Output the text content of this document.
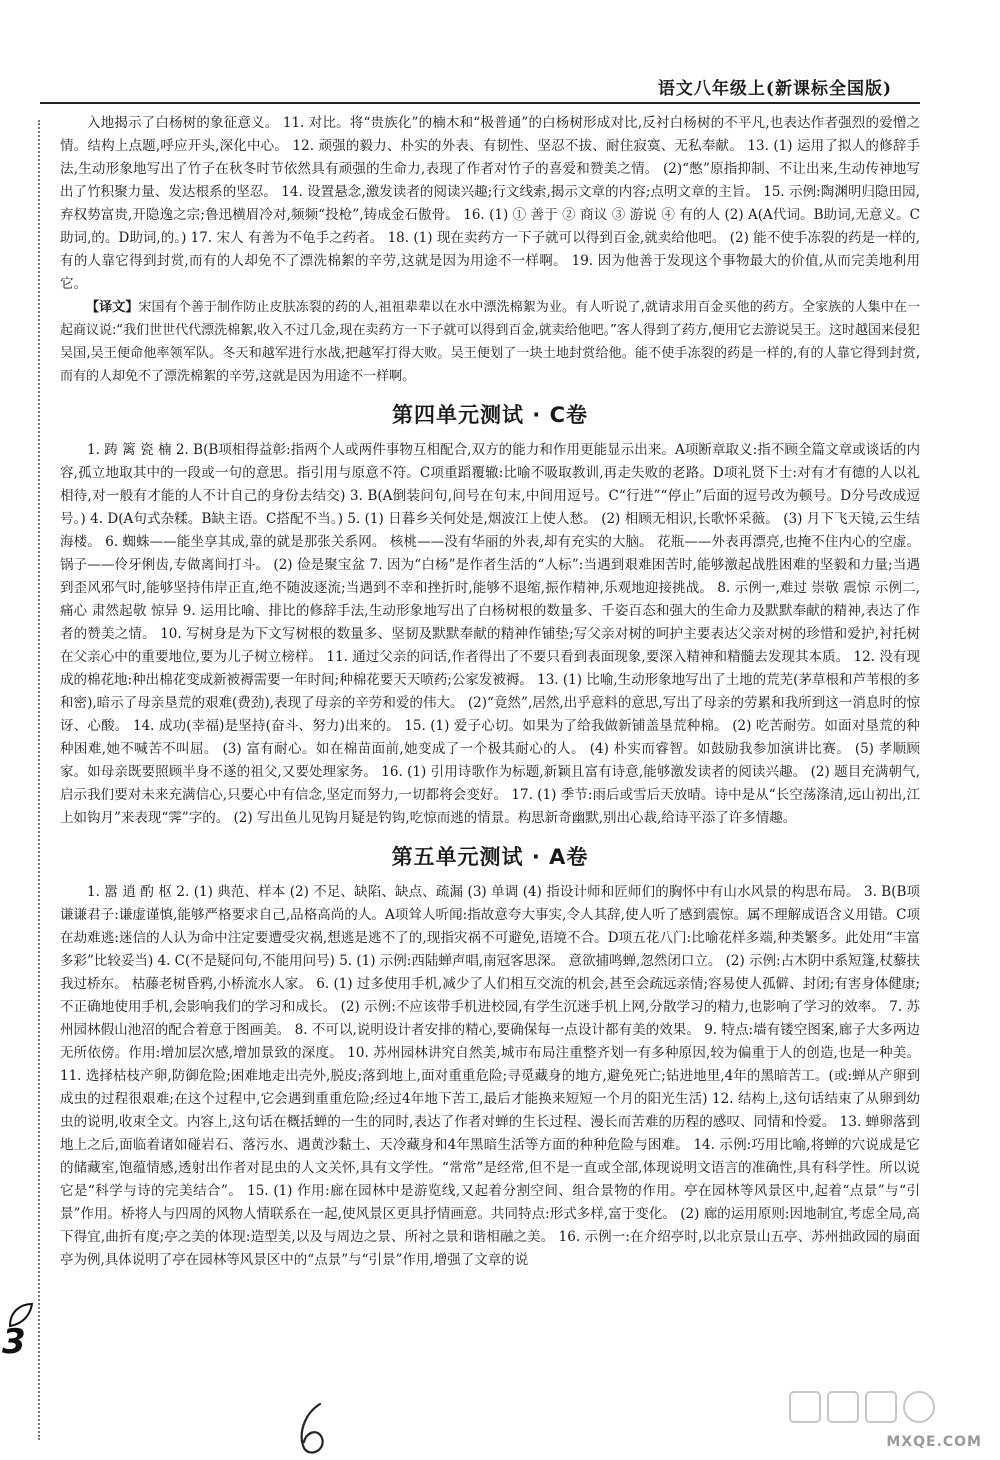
语文八年级上(新课标全国版)

入地揭示了白杨树的象征意义。 11. 对比。将“贵族化”的楠木和“极普通”的白杨树形成对比,反衬白杨树的不平凡,也表达作者强烈的爱憎之情。结构上点题,呼应开头,深化中心。 12. 顽强的毅力、朴实的外表、有韧性、坚忍不拔、耐住寂寞、无私奉献。 13. (1) 运用了拟人的修辞手法,生动形象地写出了竹子在秋冬时节依然具有顽强的生命力,表现了作者对竹子的喜爱和赞美之情。 (2)“憋”原指抑制、不让出来,生动传神地写出了竹积聚力量、发达根系的坚忍。 14. 设置悬念,激发读者的阅读兴趣;行文线索,揭示文章的内容;点明文章的主旨。 15. 示例:陶渊明归隐田园,弃权势富贵,开隐逸之宗;鲁迅横眉冷对,频频“投枪”,铸成金石傲骨。 16. (1) ① 善于 ② 商议 ③ 游说 ④ 有的人 (2) A(A代词。B助词,无意义。C助词,的。D助词,的。) 17. 宋人 有善为不龟手之药者。 18. (1) 现在卖药方一下子就可以得到百金,就卖给他吧。 (2) 能不使手冻裂的药是一样的,有的人靠它得到封赏,而有的人却免不了漂洗棉絮的辛劳,这就是因为用途不一样啊。 19. 因为他善于发现这个事物最大的价值,从而完美地利用它。

【译文】宋国有个善于制作防止皮肤冻裂的药的人,祖祖辈辈以在水中漂洗棉絮为业。有人听说了,就请求用百金买他的药方。全家族的人集中在一起商议说:“我们世世代代漂洗棉絮,收入不过几金,现在卖药方一下子就可以得到百金,就卖给他吧。”客人得到了药方,便用它去游说吴王。这时越国来侵犯吴国,吴王便命他率领军队。冬天和越军进行水战,把越军打得大败。吴王便划了一块土地封赏给他。能不使手冻裂的药是一样的,有的人靠它得到封赏,而有的人却免不了漂洗棉絮的辛劳,这就是因为用途不一样啊。

第四单元测试 · C卷

1. 踌 篱 瓷 楠 2. B(B项相得益彰:指两个人或两件事物互相配合,双方的能力和作用更能显示出来。A项断章取义:指不顾全篇文章或谈话的内容,孤立地取其中的一段或一句的意思。指引用与原意不符。C项重蹈覆辙:比喻不吸取教训,再走失败的老路。D项礼贤下士:对有才有德的人以礼相待,对一般有才能的人不计自己的身份去结交) 3. B(A倒装问句,问号在句末,中间用逗号。C“行进”“停止”后面的逗号改为顿号。D分号改成逗号。) 4. D(A句式杂糅。B缺主语。C搭配不当。) 5. (1) 日暮乡关何处是,烟波江上使人愁。 (2) 相顾无相识,长歌怀采薇。 (3) 月下飞天镜,云生结海楼。 6. 蜘蛛——能坐享其成,靠的就是那张关系网。 核桃——没有华丽的外表,却有充实的大脑。 花瓶——外表再漂亮,也掩不住内心的空虚。 锅子——伶牙俐齿,专做离间打斗。 (2) 俭是聚宝盆 7. 因为“白杨”是作者生活的“人标”:当遇到艰难困苦时,能够激起战胜困难的坚毅和力量;当遇到歪风邪气时,能够坚持伟岸正直,绝不随波逐流;当遇到不幸和挫折时,能够不退缩,振作精神,乐观地迎接挑战。 8. 示例一,难过 崇敬 震惊 示例二,痛心 肃然起敬 惊异 9. 运用比喻、排比的修辞手法,生动形象地写出了白杨树根的数量多、千姿百态和强大的生命力及默默奉献的精神,表达了作者的赞美之情。 10. 写树身是为下文写树根的数量多、坚韧及默默奉献的精神作铺垫;写父亲对树的呵护主要表达父亲对树的珍惜和爱护,衬托树在父亲心中的重要地位,要为儿子树立榜样。 11. 通过父亲的问话,作者得出了不要只看到表面现象,要深入精神和精髓去发现其本质。 12. 没有现成的棉花地:种出棉花变成新被褥需要一年时间;种棉花要天天喷药;公家发被褥。 13. (1) 比喻,生动形象地写出了土地的荒芜(茅草根和芦苇根的多和密),暗示了母亲垦荒的艰难(费劲),表现了母亲的辛劳和爱的伟大。 (2)“竟然”,居然,出乎意料的意思,写出了母亲的劳累和我所到这一消息时的惊讶、心酸。 14. 成功(幸福)是坚持(奋斗、努力)出来的。 15. (1) 爱子心切。如果为了给我做新铺盖垦荒种棉。 (2) 吃苦耐劳。如面对垦荒的种种困难,她不喊苦不叫屈。 (3) 富有耐心。如在棉苗面前,她变成了一个极其耐心的人。 (4) 朴实而睿智。如鼓励我参加演讲比赛。 (5) 孝顺顾家。如母亲既要照顾半身不遂的祖父,又要处理家务。 16. (1) 引用诗歌作为标题,新颖且富有诗意,能够激发读者的阅读兴趣。 (2) 题目充满朝气,启示我们要对未来充满信心,只要心中有信念,坚定而努力,一切都将会变好。 17. (1) 季节:雨后或雪后天放晴。诗中是从“长空荡涤清,远山初出,江上如钩月”来表现“霁”字的。 (2) 写出鱼儿见钩月疑是钓钩,吃惊而逃的情景。构思新奇幽默,别出心裁,给诗平添了许多情趣。

第五单元测试 · A卷

1. 嚣 逍 酌 枢 2. (1) 典范、样本 (2) 不足、缺陷、缺点、疏漏 (3) 单调 (4) 指设计师和匠师们的胸怀中有山水风景的构思布局。 3. B(B项谦谦君子:谦虚谨慎,能够严格要求自己,品格高尚的人。A项耸人听闻:指故意夸大事实,令人其辞,使人听了感到震惊。属不理解成语含义用错。C项在劫难逃:迷信的人认为命中注定要遭受灾祸,想逃是逃不了的,现指灾祸不可避免,语境不合。D项五花八门:比喻花样多端,种类繁多。此处用“丰富多彩”比较妥当) 4. C(不是疑问句,不能用问号) 5. (1) 示例:西陆蝉声唱,南冠客思深。 意欲捕鸣蝉,忽然闭口立。 (2) 示例:占木阴中系短篷,杖藜扶我过桥东。 枯藤老树昏鸦,小桥流水人家。 6. (1) 过多使用手机,减少了人们相互交流的机会,甚至会疏远亲情;容易使人孤僻、封闭;有害身体健康;不正确地使用手机,会影响我们的学习和成长。 (2) 示例:不应该带手机进校园,有学生沉迷手机上网,分散学习的精力,也影响了学习的效率。 7. 苏州园林假山池沼的配合着意于图画美。 8. 不可以,说明设计者安排的精心,要确保每一点设计都有美的效果。 9. 特点:墙有镂空图案,廊子大多两边无所依傍。作用:增加层次感,增加景致的深度。 10. 苏州园林讲究自然美,城市布局注重整齐划一有多种原因,较为偏重于人的创造,也是一种美。 11. 选择枯枝产卵,防御危险;困难地走出壳外,脱皮;落到地上,面对重重危险;寻觅藏身的地方,避免死亡;钻进地里,4年的黑暗苦工。(或:蝉从产卵到成虫的过程很艰难;在这个过程中,它会遇到重重危险;经过4年地下苦工,最后才能换来短短一个月的阳光生活) 12. 结构上,这句话结束了从卵到幼虫的说明,收束全文。内容上,这句话在概括蝉的一生的同时,表达了作者对蝉的生长过程、漫长而苦难的历程的感叹、同情和怜爱。 13. 蝉卵落到地上之后,面临着诸如碰岩石、落污水、遇黄沙黏土、天冷藏身和4年黑暗生活等方面的种种危险与困难。 14. 示例:巧用比喻,将蝉的穴说成是它的储藏室,饱蕴情感,透射出作者对昆虫的人文关怀,具有文学性。“常常”是经常,但不是一直或全部,体现说明文语言的准确性,具有科学性。所以说它是“科学与诗的完美结合”。 15. (1) 作用:廊在园林中是游览线,又起着分割空间、组合景物的作用。亭在园林等风景区中,起着“点景”与“引景”作用。桥将人与四周的风物人情联系在一起,使风景区更具抒情画意。共同特点:形式多样,富于变化。 (2) 廊的运用原则:因地制宜,考虑全局,高下得宜,曲折有度;亭之美的体现:造型美,以及与周边之景、所衬之景和谐相融之美。 16. 示例一:在介绍亭时,以北京景山五亭、苏州拙政园的扇面亭为例,具体说明了亭在园林等风景区中的“点景”与“引景”作用,增强了文章的说

3
MXQE.COM
